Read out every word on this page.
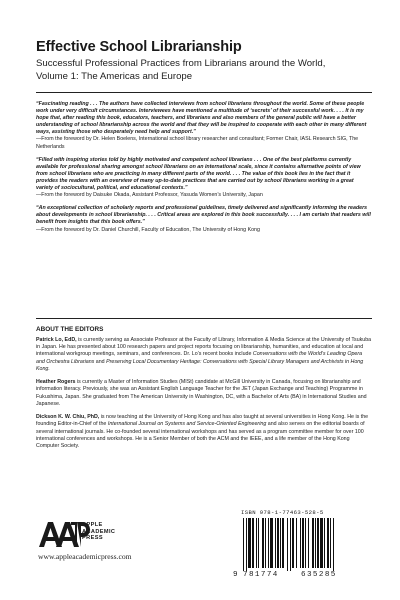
Effective School Librarianship
Successful Professional Practices from Librarians around the World,
Volume 1: The Americas and Europe

“Fascinating reading . . . The authors have collected interviews from school librarians throughout the world. Some of these people work under very difficult circumstances. Interviewees have mentioned a multitude of ‘secrets’ of their successful work. . . . It is my hope that, after reading this book, educators, teachers, and librarians and also members of the general public will have a better understanding of school librarianship across the world and that they will be inspired to cooperate with each other in many different ways, assisting those who desperately need help and support.”

—From the foreword by Dr. Helen Boelens, International school library researcher and consultant; Former Chair, IASL Research SIG, The Netherlands

“Filled with inspiring stories told by highly motivated and competent school librarians . . . One of the best platforms currently available for professional sharing amongst school librarians on an international scale, since it contains alternative points of view from school librarians who are practicing in many different parts of the world. . . . The value of this book lies in the fact that it provides the readers with an overview of many up-to-date practices that are carried out by school librarians working in a great variety of sociocultural, political, and educational contexts.”

—From the foreword by Daisuke Okada, Assistant Professor, Yasuda Women’s University, Japan

“An exceptional collection of scholarly reports and professional guidelines, timely delivered and significantly informing the readers about developments in school librarianship. . . . Critical areas are explored in this book successfully. . . . I am certain that readers will benefit from insights that this book offers.”

—From the foreword by Dr. Daniel Churchill, Faculty of Education, The University of Hong Kong

ABOUT THE EDITORS

Patrick Lo, EdD, is currently serving as Associate Professor at the Faculty of Library, Information & Media Science at the University of Tsukuba in Japan. He has presented about 100 research papers and project reports focusing on librarianship, humanities, and education at local and international workgroup meetings, seminars, and conferences. Dr. Lo’s recent books include Conversations with the World’s Leading Opera and Orchestra Librarians and Preserving Local Documentary Heritage: Conversations with Special Library Managers and Archivists in Hong Kong.

Heather Rogers is currently a Master of Information Studies (MISt) candidate at McGill University in Canada, focusing on librarianship and information literacy. Previously, she was an Assistant English Language Teacher for the JET (Japan Exchange and Teaching) Programme in Fukushima, Japan. She graduated from The American University in Washington, DC, with a Bachelor of Arts (BA) in International Studies and Japanese.

Dickson K. W. Chiu, PhD, is now teaching at the University of Hong Kong and has also taught at several universities in Hong Kong. He is the founding Editor-in-Chief of the International Journal on Systems and Service-Oriented Engineering and also serves on the editorial boards of several international journals. He co-founded several international workshops and has served as a program committee member for over 100 international conferences and workshops. He is a Senior Member of both the ACM and the IEEE, and a life member of the Hong Kong Computer Society.

APPLE
ACADEMIC
PRESS
www.appleacademicpress.com
ISBN 978-1-77463-528-5
9 781774	635285
